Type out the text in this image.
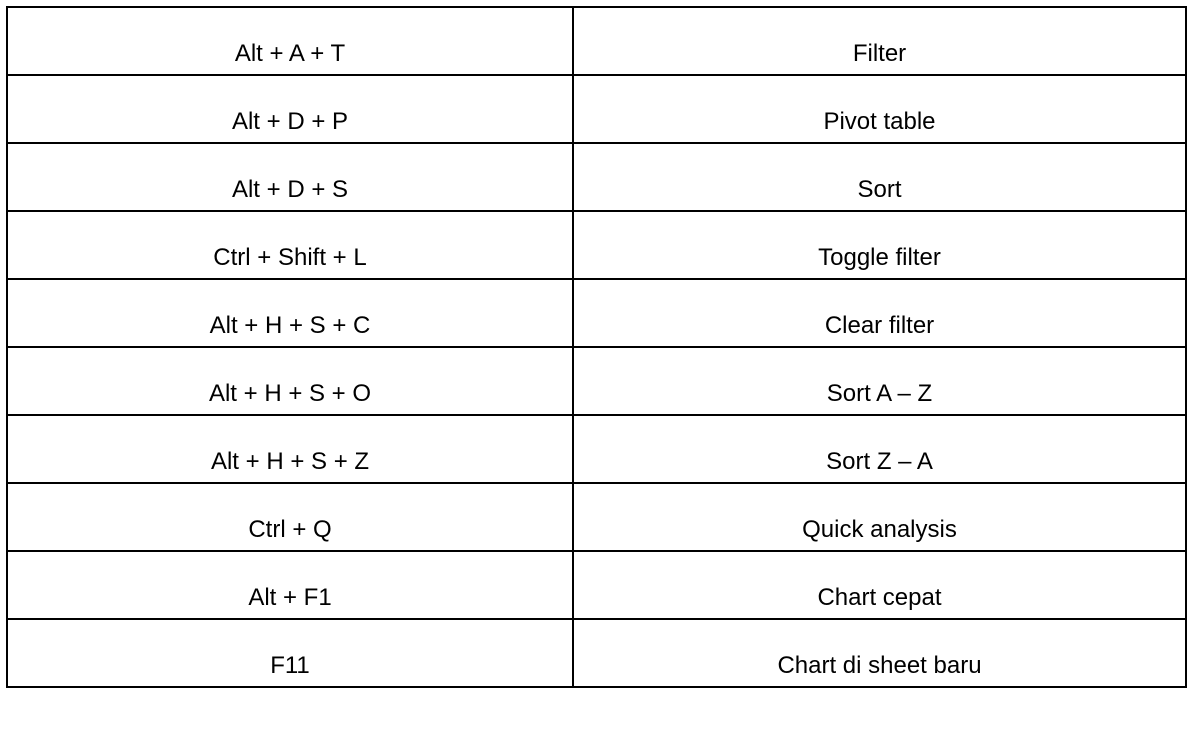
Alt + A + T	Filter
Alt + D + P	Pivot table
Alt + D + S	Sort
Ctrl + Shift + L	Toggle filter
Alt + H + S + C	Clear filter
Alt + H + S + O	Sort A – Z
Alt + H + S + Z	Sort Z – A
Ctrl + Q	Quick analysis
Alt + F1	Chart cepat
F11	Chart di sheet baru
